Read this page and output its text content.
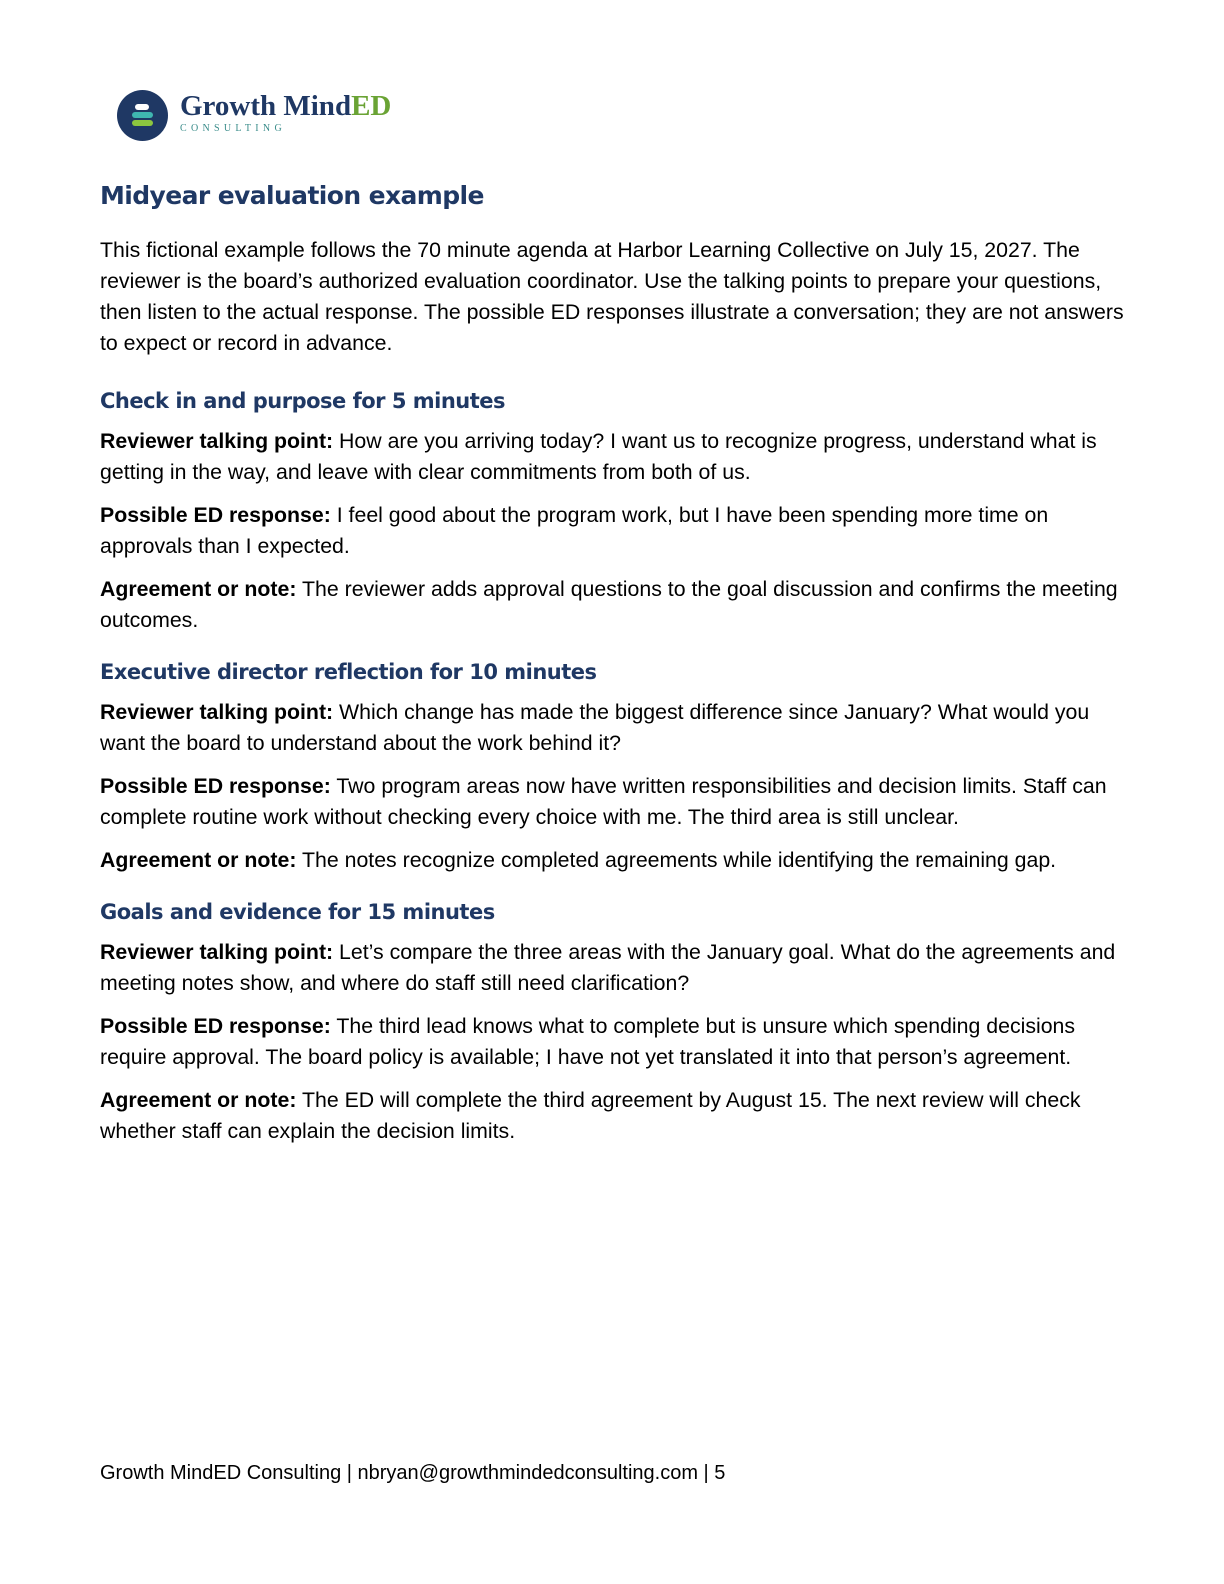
Growth MindED
CONSULTING
Midyear evaluation example

This fictional example follows the 70 minute agenda at Harbor Learning Collective on July 15, 2027. The reviewer is the board’s authorized evaluation coordinator. Use the talking points to prepare your questions, then listen to the actual response. The possible ED responses illustrate a conversation; they are not answers to expect or record in advance.

Check in and purpose for 5 minutes

Reviewer talking point: How are you arriving today? I want us to recognize progress, understand what is getting in the way, and leave with clear commitments from both of us.

Possible ED response: I feel good about the program work, but I have been spending more time on approvals than I expected.

Agreement or note: The reviewer adds approval questions to the goal discussion and confirms the meeting outcomes.

Executive director reflection for 10 minutes

Reviewer talking point: Which change has made the biggest difference since January? What would you want the board to understand about the work behind it?

Possible ED response: Two program areas now have written responsibilities and decision limits. Staff can complete routine work without checking every choice with me. The third area is still unclear.

Agreement or note: The notes recognize completed agreements while identifying the remaining gap.

Goals and evidence for 15 minutes

Reviewer talking point: Let’s compare the three areas with the January goal. What do the agreements and meeting notes show, and where do staff still need clarification?

Possible ED response: The third lead knows what to complete but is unsure which spending decisions require approval. The board policy is available; I have not yet translated it into that person’s agreement.

Agreement or note: The ED will complete the third agreement by August 15. The next review will check whether staff can explain the decision limits.

Growth MindED Consulting | nbryan@growthmindedconsulting.com | 5
